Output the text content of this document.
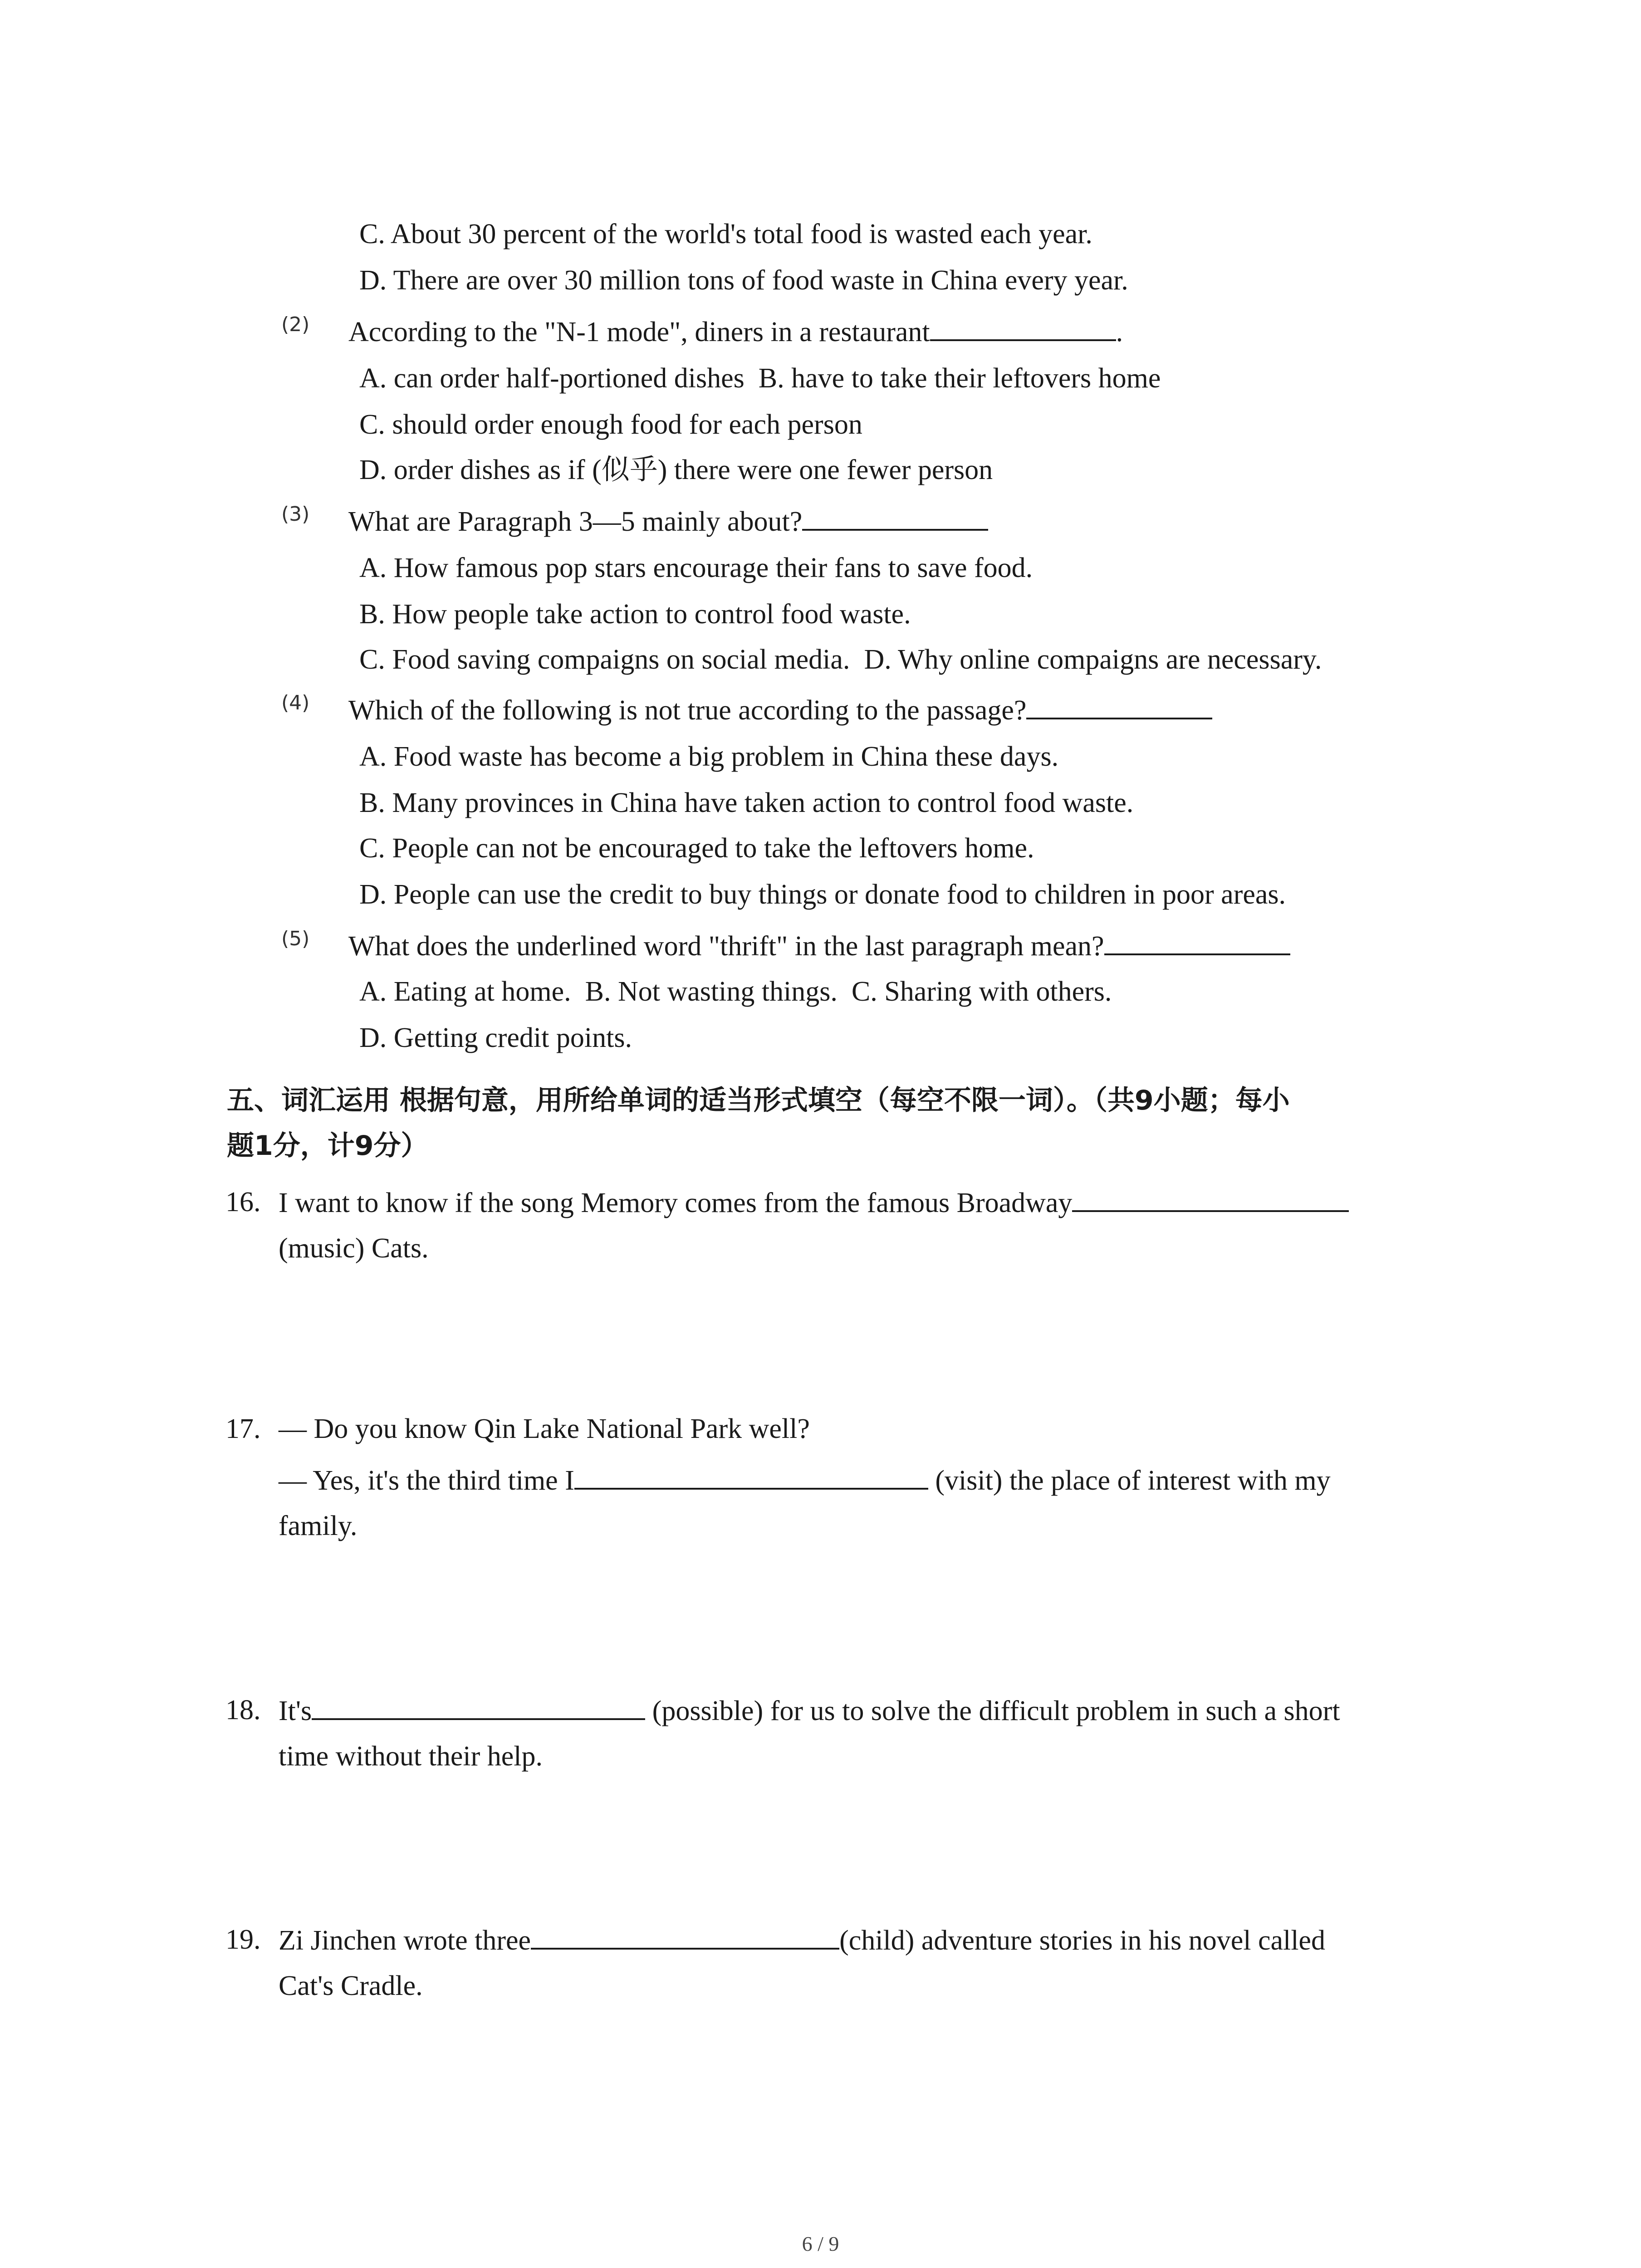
C. About 30 percent of the world's total food is wasted each year.
D. There are over 30 million tons of food waste in China every year.
(2) According to the "N-1 mode", diners in a restaurant	.
A. can order half-portioned dishes B. have to take their leftovers home
C. should order enough food for each person
D. order dishes as if (似乎) there were one fewer person
(3) What are Paragraph 3—5 mainly about?
A. How famous pop stars encourage their fans to save food.
B. How people take action to control food waste.
C. Food saving compaigns on social media. D. Why online compaigns are necessary.
(4) Which of the following is not true according to the passage?
A. Food waste has become a big problem in China these days.
B. Many provinces in China have taken action to control food waste.
C. People can not be encouraged to take the leftovers home.
D. People can use the credit to buy things or donate food to children in poor areas.
(5) What does the underlined word "thrift" in the last paragraph mean?
A. Eating at home. B. Not wasting things. C. Sharing with others.
D. Getting credit points.
五、词汇运用 根据句意，用所给单词的适当形式填空（每空不限一词）。（共9小题；每小
题1分，计9分）
16. I want to know if the song Memory comes from the famous Broadway
(music) Cats.
17. — Do you know Qin Lake National Park well?
— Yes, it's the third time I	(visit) the place of interest with my
family.
18. It's	(possible) for us to solve the difficult problem in such a short
time without their help.
19. Zi Jinchen wrote three	(child) adventure stories in his novel called
Cat's Cradle.
6 / 9
